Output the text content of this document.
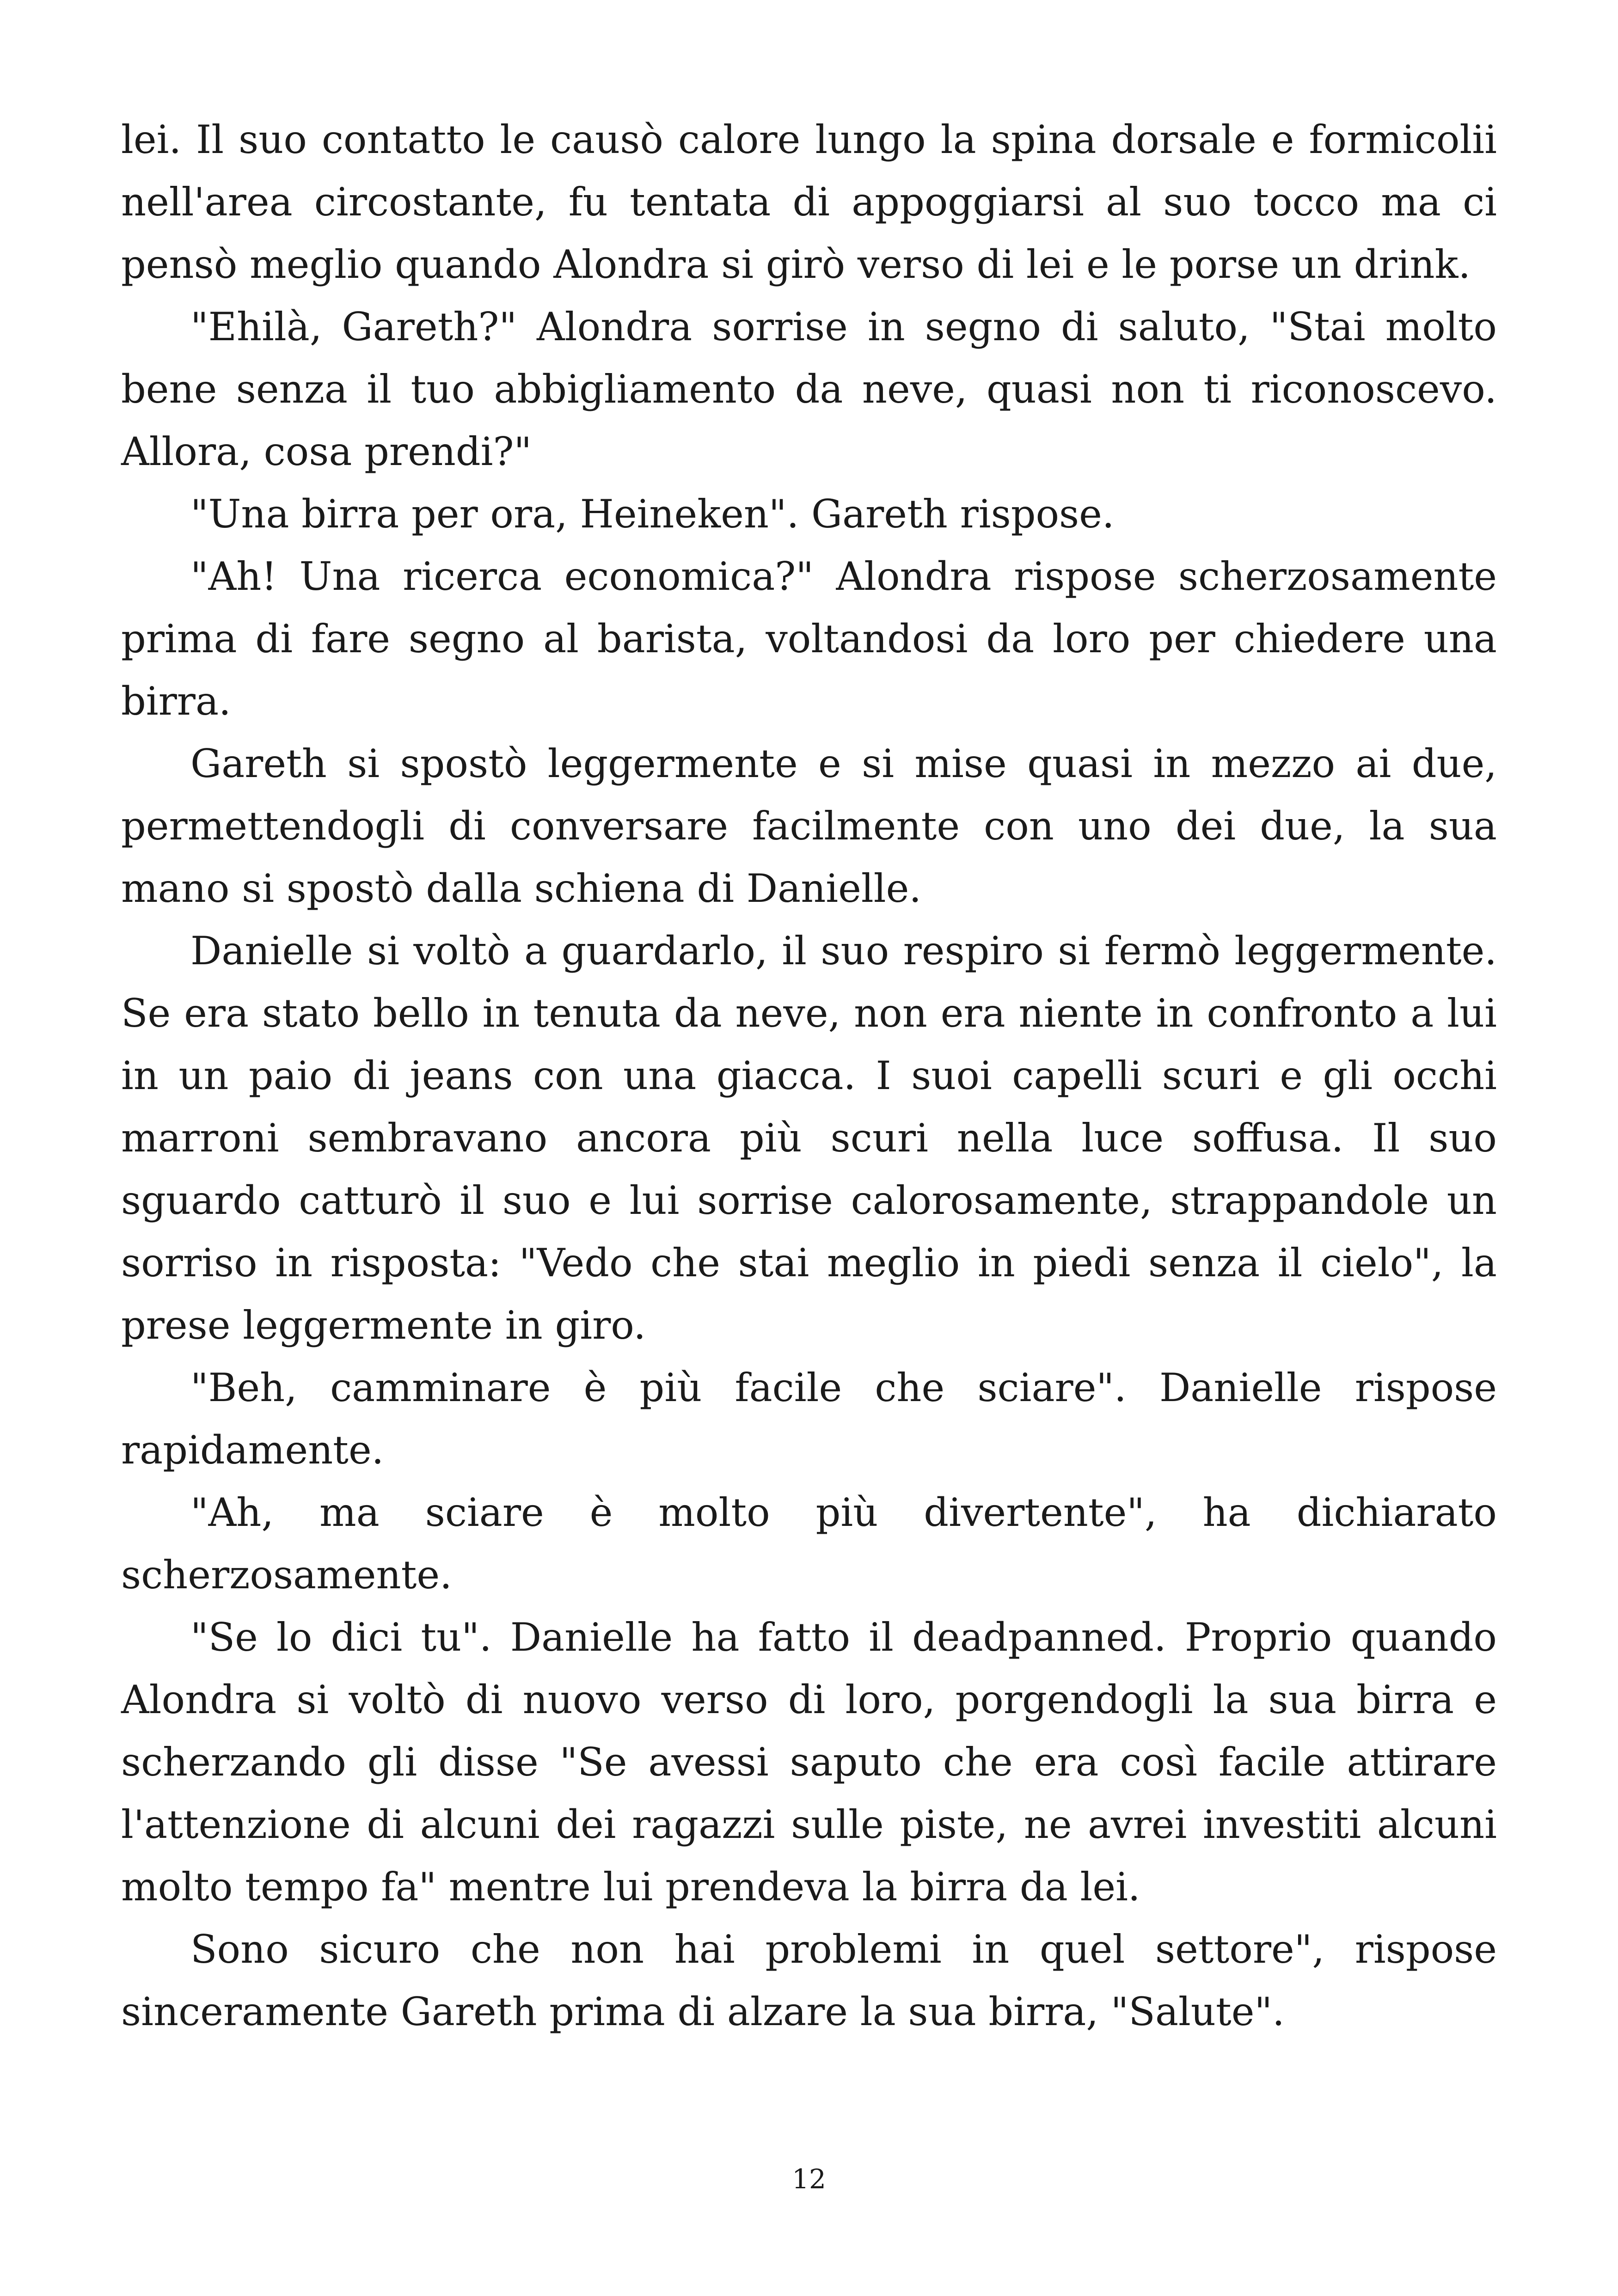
lei. Il suo contatto le causò calore lungo la spina dorsale e formicolii nell'area circostante, fu tentata di appoggiarsi al suo tocco ma ci pensò meglio quando Alondra si girò verso di lei e le porse un drink.

"Ehilà, Gareth?" Alondra sorrise in segno di saluto, "Stai molto bene senza il tuo abbigliamento da neve, quasi non ti riconoscevo. Allora, cosa prendi?"

"Una birra per ora, Heineken". Gareth rispose.

"Ah! Una ricerca economica?" Alondra rispose scherzosamente prima di fare segno al barista, voltandosi da loro per chiedere una birra.

Gareth si spostò leggermente e si mise quasi in mezzo ai due, permettendogli di conversare facilmente con uno dei due, la sua mano si spostò dalla schiena di Danielle.

Danielle si voltò a guardarlo, il suo respiro si fermò leggermente. Se era stato bello in tenuta da neve, non era niente in confronto a lui in un paio di jeans con una giacca. I suoi capelli scuri e gli occhi marroni sembravano ancora più scuri nella luce soffusa. Il suo sguardo catturò il suo e lui sorrise calorosamente, strappandole un sorriso in risposta: "Vedo che stai meglio in piedi senza il cielo", la prese leggermente in giro.

"Beh, camminare è più facile che sciare". Danielle rispose rapidamente.

"Ah, ma sciare è molto più divertente", ha dichiarato scherzosamente.

"Se lo dici tu". Danielle ha fatto il deadpanned. Proprio quando Alondra si voltò di nuovo verso di loro, porgendogli la sua birra e scherzando gli disse "Se avessi saputo che era così facile attirare l'attenzione di alcuni dei ragazzi sulle piste, ne avrei investiti alcuni molto tempo fa" mentre lui prendeva la birra da lei.

Sono sicuro che non hai problemi in quel settore", rispose sinceramente Gareth prima di alzare la sua birra, "Salute".

12
